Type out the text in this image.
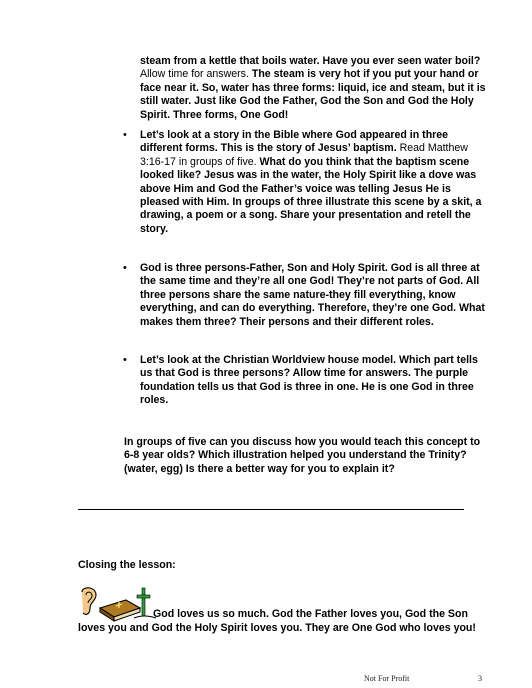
steam from a kettle that boils water. Have you ever seen water boil? Allow time for answers. The steam is very hot if you put your hand or face near it. So, water has three forms: liquid, ice and steam, but it is still water. Just like God the Father, God the Son and God the Holy Spirit. Three forms, One God!
• Let’s look at a story in the Bible where God appeared in three different forms. This is the story of Jesus’ baptism. Read Matthew 3:16-17 in groups of five. What do you think that the baptism scene looked like? Jesus was in the water, the Holy Spirit like a dove was above Him and God the Father’s voice was telling Jesus He is pleased with Him. In groups of three illustrate this scene by a skit, a drawing, a poem or a song. Share your presentation and retell the story.
• God is three persons-Father, Son and Holy Spirit. God is all three at the same time and they’re all one God! They’re not parts of God. All three persons share the same nature-they fill everything, know everything, and can do everything. Therefore, they’re one God. What makes them three? Their persons and their different roles.
• Let’s look at the Christian Worldview house model. Which part tells us that God is three persons? Allow time for answers. The purple foundation tells us that God is three in one. He is one God in three roles.
In groups of five can you discuss how you would teach this concept to 6-8 year olds? Which illustration helped you understand the Trinity? (water, egg) Is there a better way for you to explain it?
Closing the lesson:
God loves us so much. God the Father loves you, God the Son
loves you and God the Holy Spirit loves you. They are One God who loves you!
Not For Profit	3
